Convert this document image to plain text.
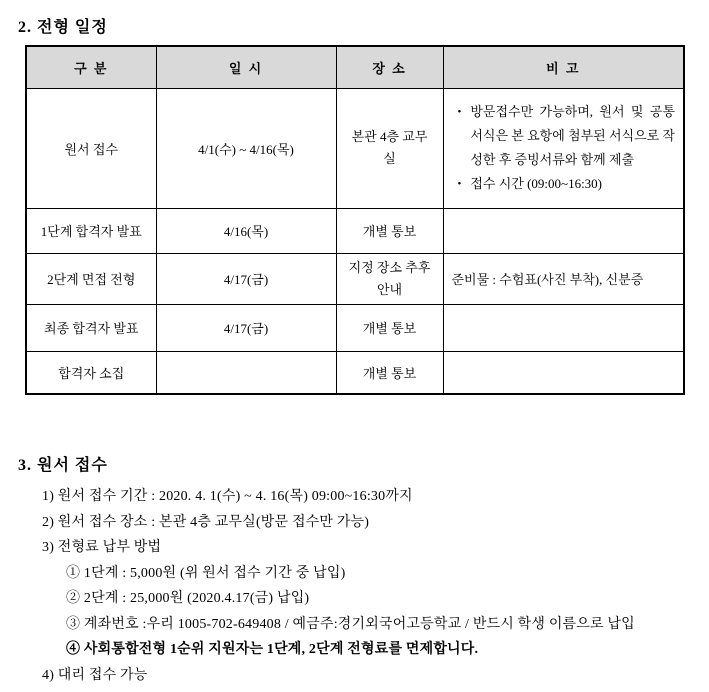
2. 전형 일정
구 분	일 시	장 소	비 고
원서 접수	4/1(수) ~ 4/16(목)	본관 4층 교무실	• 방문접수만 가능하며, 원서 및 공통 서식은 본 요항에 첨부된 서식으로 작성한 후 증빙서류와 함께 제출
• 접수 시간 (09:00~16:30)

1단계 합격자 발표	4/16(목)	개별 통보	
2단계 면접 전형	4/17(금)	지정 장소 추후 안내	준비물 : 수험표(사진 부착), 신분증
최종 합격자 발표	4/17(금)	개별 통보	
합격자 소집		개별 통보	
3. 원서 접수
1) 원서 접수 기간 : 2020. 4. 1(수) ~ 4. 16(목) 09:00~16:30까지
2) 원서 접수 장소 : 본관 4층 교무실(방문 접수만 가능)
3) 전형료 납부 방법
① 1단계 : 5,000원 (위 원서 접수 기간 중 납입)
② 2단계 : 25,000원 (2020.4.17(금) 납입)
③ 계좌번호 :우리 1005-702-649408 / 예금주:경기외국어고등학교 / 반드시 학생 이름으로 납입
④ 사회통합전형 1순위 지원자는 1단계, 2단계 전형료를 면제합니다.
4) 대리 접수 가능
